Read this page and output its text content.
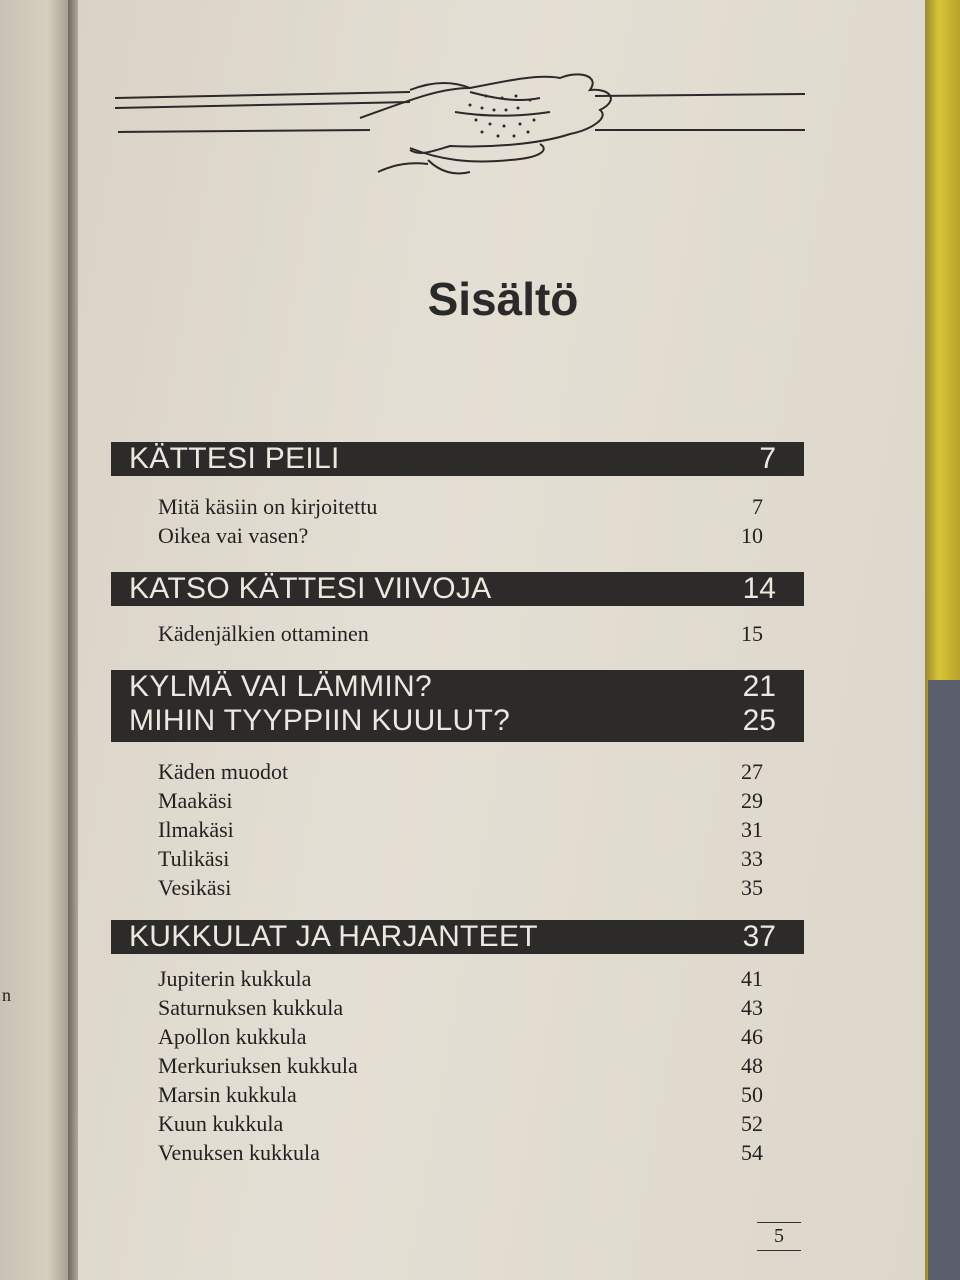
n
Sisältö
KÄTTESI PEILI	7
Mitä käsiin on kirjoitettu	7
Oikea vai vasen?	10
KATSO KÄTTESI VIIVOJA	14
Kädenjälkien ottaminen	15
KYLMÄ VAI LÄMMIN?	21
MIHIN TYYPPIIN KUULUT?	25
Käden muodot	27
Maakäsi	29
Ilmakäsi	31
Tulikäsi	33
Vesikäsi	35
KUKKULAT JA HARJANTEET	37
Jupiterin kukkula	41
Saturnuksen kukkula	43
Apollon kukkula	46
Merkuriuksen kukkula	48
Marsin kukkula	50
Kuun kukkula	52
Venuksen kukkula	54
5
